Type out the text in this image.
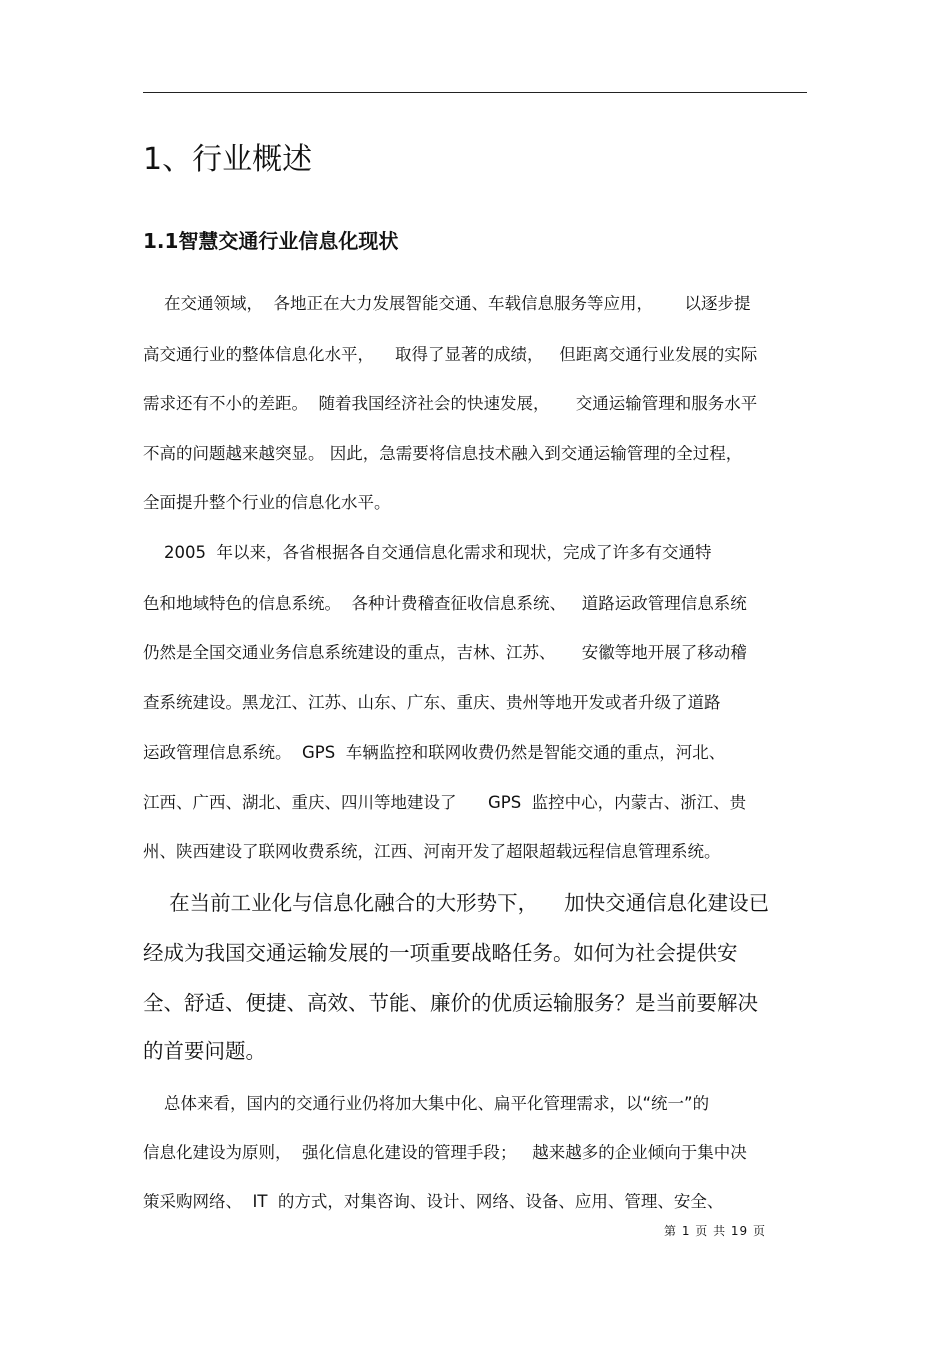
1、行业概述
1.1智慧交通行业信息化现状
在交通领域，  各地正在大力发展智能交通、车载信息服务等应用，      以逐步提
高交通行业的整体信息化水平，    取得了显著的成绩，   但距离交通行业发展的实际
需求还有不小的差距。  随着我国经济社会的快速发展，     交通运输管理和服务水平
不高的问题越来越突显。 因此，急需要将信息技术融入到交通运输管理的全过程，
全面提升整个行业的信息化水平。
2005  年以来，各省根据各自交通信息化需求和现状，完成了许多有交通特
色和地域特色的信息系统。  各种计费稽查征收信息系统、   道路运政管理信息系统
仍然是全国交通业务信息系统建设的重点，吉林、江苏、     安徽等地开展了移动稽
查系统建设。黑龙江、江苏、山东、广东、重庆、贵州等地开发或者升级了道路
运政管理信息系统。  GPS  车辆监控和联网收费仍然是智能交通的重点，河北、
江西、广西、湖北、重庆、四川等地建设了      GPS  监控中心，内蒙古、浙江、贵
州、陕西建设了联网收费系统，江西、河南开发了超限超载远程信息管理系统。
在当前工业化与信息化融合的大形势下，    加快交通信息化建设已
经成为我国交通运输发展的一项重要战略任务。如何为社会提供安
全、舒适、便捷、高效、节能、廉价的优质运输服务？是当前要解决
的首要问题。
总体来看，国内的交通行业仍将加大集中化、扁平化管理需求，以“统一”的
信息化建设为原则，  强化信息化建设的管理手段；   越来越多的企业倾向于集中决
策采购网络、  IT  的方式，对集咨询、设计、网络、设备、应用、管理、安全、
第 1 页 共 19 页
